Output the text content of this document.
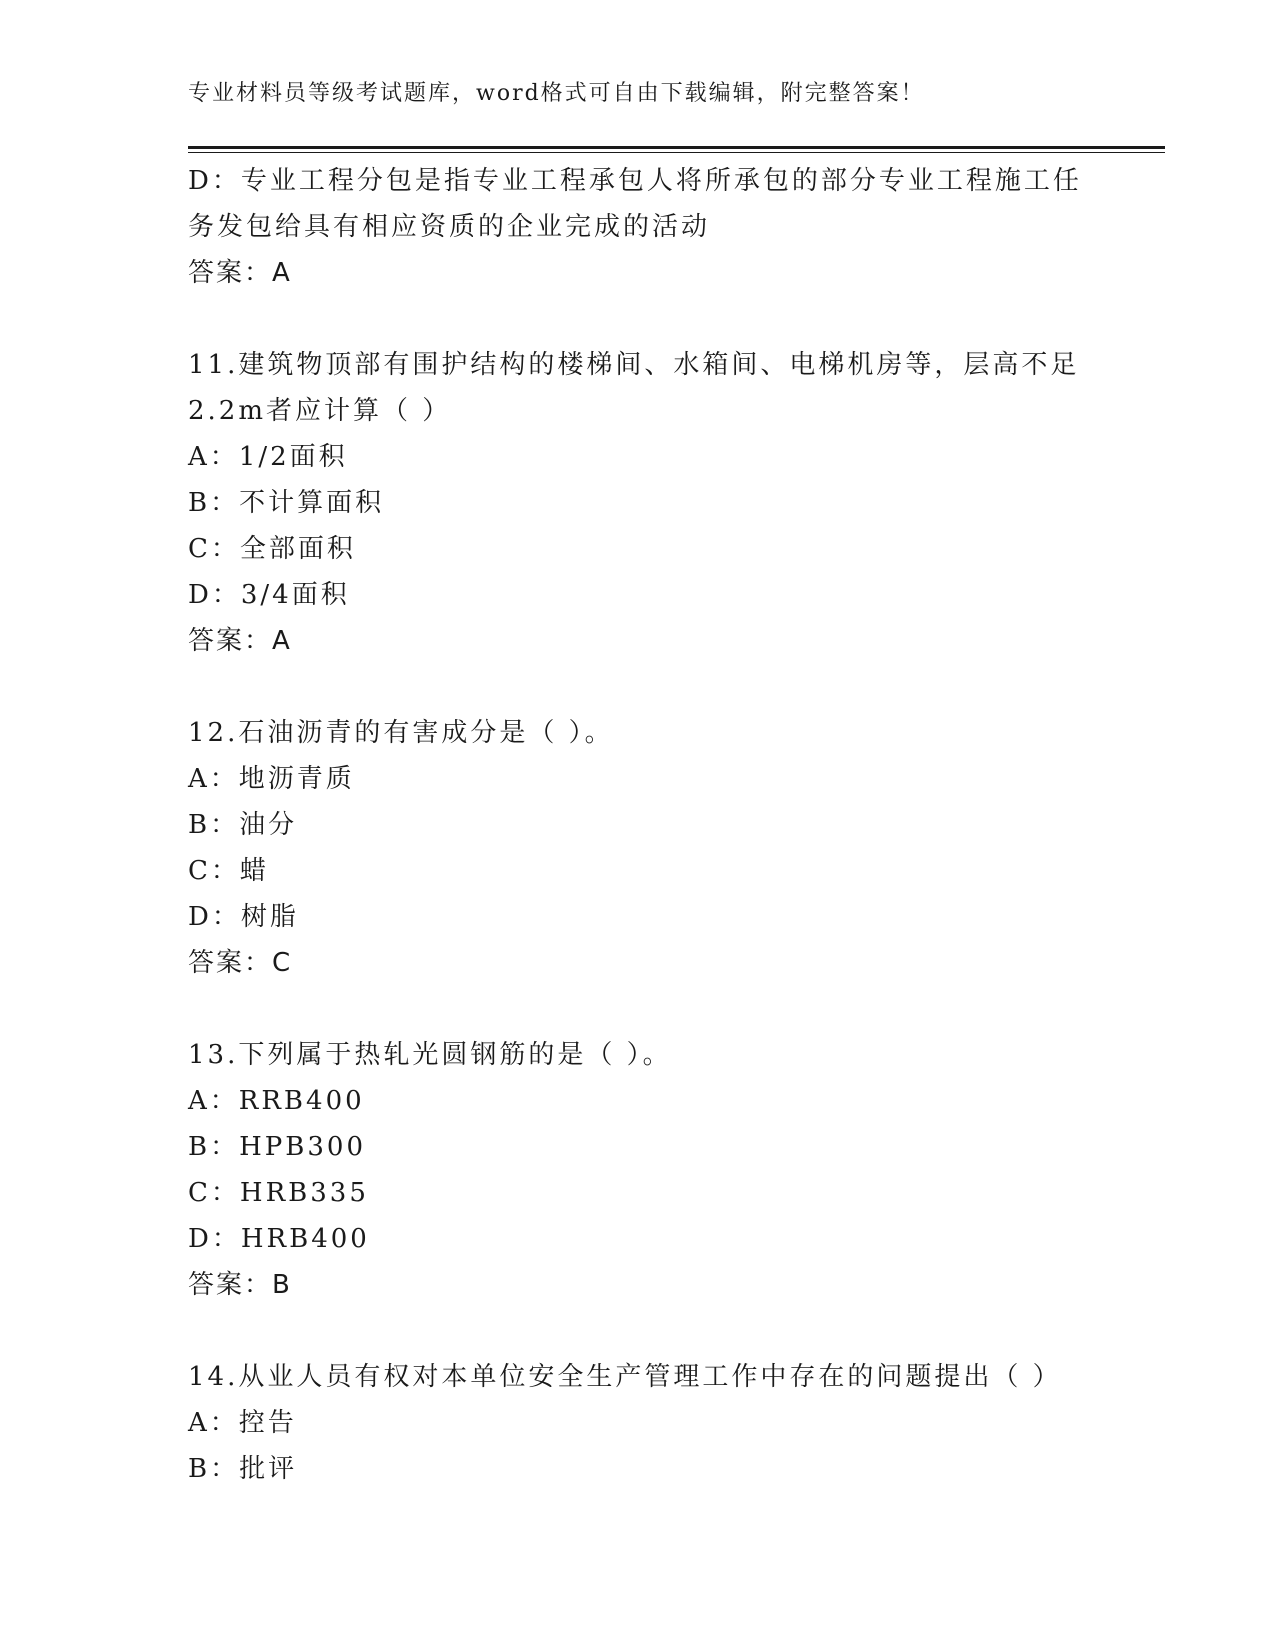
专业材料员等级考试题库，word格式可自由下载编辑，附完整答案！
D：专业工程分包是指专业工程承包人将所承包的部分专业工程施工任
务发包给具有相应资质的企业完成的活动
答案：A
11.建筑物顶部有围护结构的楼梯间、水箱间、电梯机房等，层高不足
2.2m者应计算（ ）
A：1/2面积
B：不计算面积
C：全部面积
D：3/4面积
答案：A
12.石油沥青的有害成分是（ ）。
A：地沥青质
B：油分
C：蜡
D：树脂
答案：C
13.下列属于热轧光圆钢筋的是（ ）。
A：RRB400
B：HPB300
C：HRB335
D：HRB400
答案：B
14.从业人员有权对本单位安全生产管理工作中存在的问题提出（ ）
A：控告
B：批评
